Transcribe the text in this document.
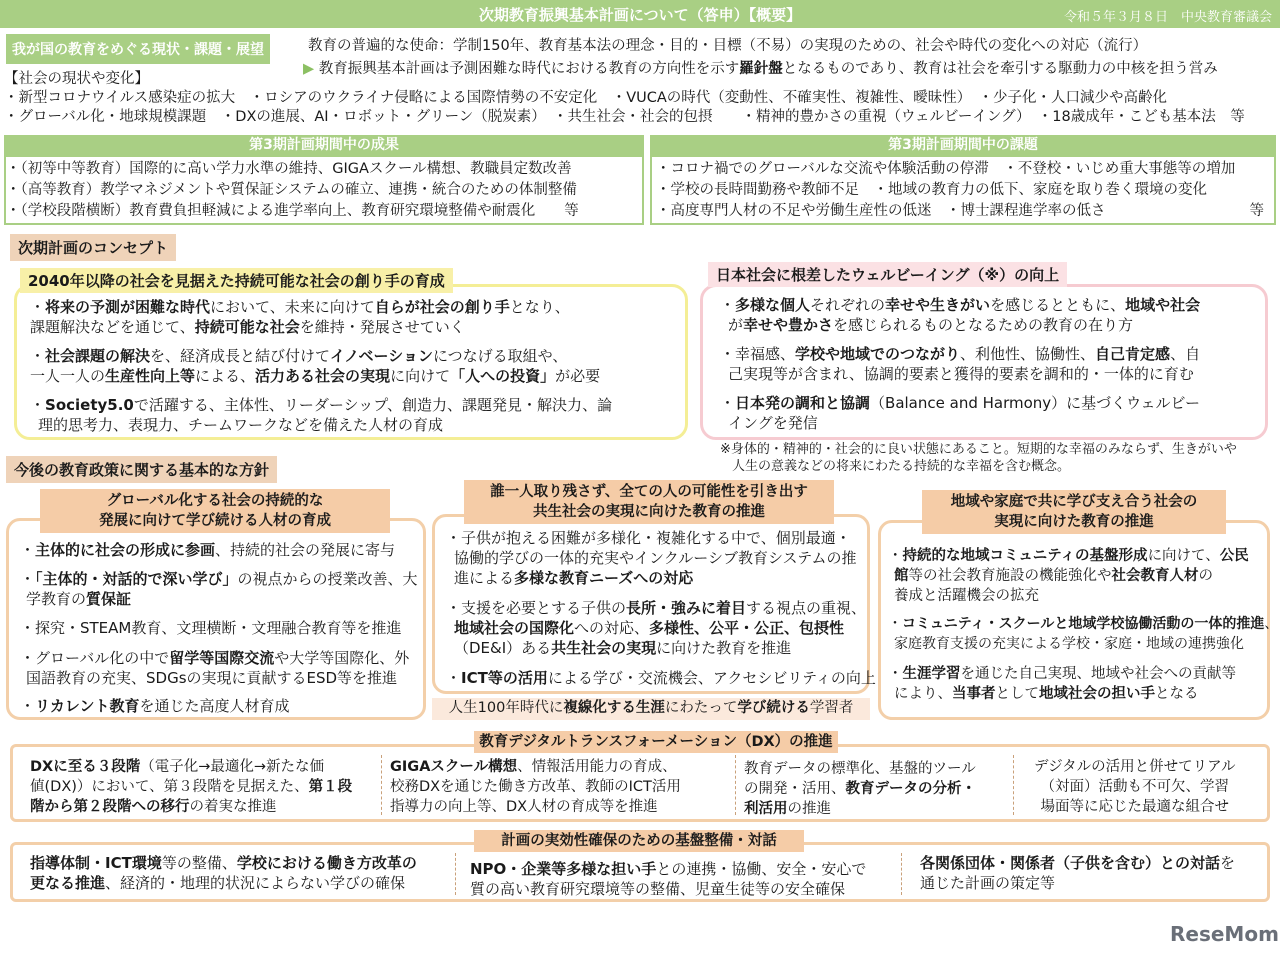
次期教育振興基本計画について（答申）【概要】	令和５年３月８日　中央教育審議会
我が国の教育をめぐる現状・課題・展望	教育の普遍的な使命：学制150年、教育基本法の理念・目的・目標（不易）の実現のための、社会や時代の変化への対応（流行）
▶ 教育振興基本計画は予測困難な時代における教育の方向性を示す羅針盤となるものであり、教育は社会を牽引する駆動力の中核を担う営み
【社会の現状や変化】
・新型コロナウイルス感染症の拡大　・ロシアのウクライナ侵略による国際情勢の不安定化　・VUCAの時代（変動性、不確実性、複雑性、曖昧性）　・少子化・人口減少や高齢化
・グローバル化・地球規模課題　・DXの進展、AI・ロボット・グリーン（脱炭素）　・共生社会・社会的包摂　　・精神的豊かさの重視（ウェルビーイング）　・18歳成年・こども基本法　等
第3期計画期間中の成果
・（初等中等教育）国際的に高い学力水準の維持、GIGAスクール構想、教職員定数改善
・（高等教育）教学マネジメントや質保証システムの確立、連携・統合のための体制整備
・（学校段階横断）教育費負担軽減による進学率向上、教育研究環境整備や耐震化　　等
第3期計画期間中の課題
・コロナ禍でのグローバルな交流や体験活動の停滞　・不登校・いじめ重大事態等の増加
・学校の長時間勤務や教師不足　・地域の教育力の低下、家庭を取り巻く環境の変化
・高度専門人材の不足や労働生産性の低迷　・博士課程進学率の低さ	等
次期計画のコンセプト
2040年以降の社会を見据えた持続可能な社会の創り手の育成
・将来の予測が困難な時代において、未来に向けて自らが社会の創り手となり、
課題解決などを通じて、持続可能な社会を維持・発展させていく
・社会課題の解決を、経済成長と結び付けてイノベーションにつなげる取組や、
一人一人の生産性向上等による、活力ある社会の実現に向けて「人への投資」が必要
・Society5.0で活躍する、主体性、リーダーシップ、創造力、課題発見・解決力、論
理的思考力、表現力、チームワークなどを備えた人材の育成
日本社会に根差したウェルビーイング（※）の向上
・多様な個人それぞれの幸せや生きがいを感じるとともに、地域や社会
が幸せや豊かさを感じられるものとなるための教育の在り方
・幸福感、学校や地域でのつながり、利他性、協働性、自己肯定感、自
己実現等が含まれ、協調的要素と獲得的要素を調和的・一体的に育む
・日本発の調和と協調（Balance and Harmony）に基づくウェルビー
イングを発信
※身体的・精神的・社会的に良い状態にあること。短期的な幸福のみならず、生きがいや
人生の意義などの将来にわたる持続的な幸福を含む概念。
今後の教育政策に関する基本的な方針
グローバル化する社会の持続的な
発展に向けて学び続ける人材の育成
・主体的に社会の形成に参画、持続的社会の発展に寄与
・「主体的・対話的で深い学び」の視点からの授業改善、大
学教育の質保証
・探究・STEAM教育、文理横断・文理融合教育等を推進
・グローバル化の中で留学等国際交流や大学等国際化、外
国語教育の充実、SDGsの実現に貢献するESD等を推進
・リカレント教育を通じた高度人材育成
誰一人取り残さず、全ての人の可能性を引き出す
共生社会の実現に向けた教育の推進
・子供が抱える困難が多様化・複雑化する中で、個別最適・
協働的学びの一体的充実やインクルーシブ教育システムの推
進による多様な教育ニーズへの対応
・支援を必要とする子供の長所・強みに着目する視点の重視、
地域社会の国際化への対応、多様性、公平・公正、包摂性
（DE&I）ある共生社会の実現に向けた教育を推進
・ICT等の活用による学び・交流機会、アクセシビリティの向上
人生100年時代に複線化する生涯にわたって学び続ける学習者
地域や家庭で共に学び支え合う社会の
実現に向けた教育の推進
・持続的な地域コミュニティの基盤形成に向けて、公民
館等の社会教育施設の機能強化や社会教育人材の
養成と活躍機会の拡充
・コミュニティ・スクールと地域学校協働活動の一体的推進、
家庭教育支援の充実による学校・家庭・地域の連携強化
・生涯学習を通じた自己実現、地域や社会への貢献等
により、当事者として地域社会の担い手となる
教育デジタルトランスフォーメーション（DX）の推進
DXに至る３段階（電子化→最適化→新たな価
値(DX)）において、第３段階を見据えた、第１段
階から第２段階への移行の着実な推進
GIGAスクール構想、情報活用能力の育成、
校務DXを通じた働き方改革、教師のICT活用
指導力の向上等、DX人材の育成等を推進
教育データの標準化、基盤的ツール
の開発・活用、教育データの分析・
利活用の推進
デジタルの活用と併せてリアル
（対面）活動も不可欠、学習
場面等に応じた最適な組合せ
計画の実効性確保のための基盤整備・対話
指導体制・ICT環境等の整備、学校における働き方改革の
更なる推進、経済的・地理的状況によらない学びの確保
NPO・企業等多様な担い手との連携・協働、安全・安心で
質の高い教育研究環境等の整備、児童生徒等の安全確保
各関係団体・関係者（子供を含む）との対話を
通じた計画の策定等
ReseMom
